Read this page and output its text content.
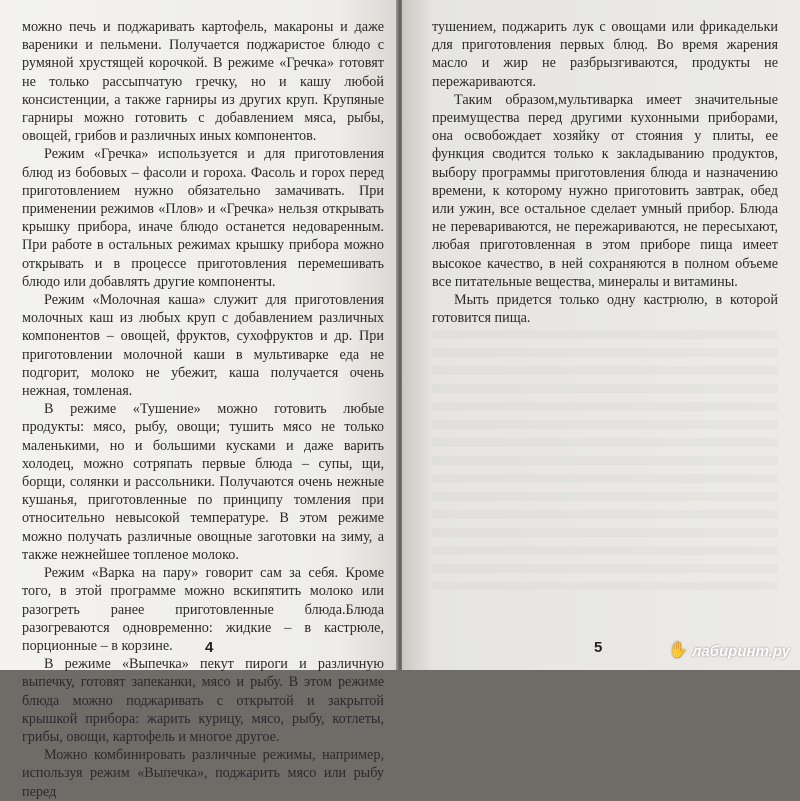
можно печь и поджаривать картофель, макароны и даже вареники и пельмени. Получается поджаристое блюдо с румяной хрустящей корочкой. В режиме «Гречка» готовят не только рассыпчатую гречку, но и кашу любой консистенции, а также гарниры из других круп. Крупяные гарниры можно готовить с добавлением мяса, рыбы, овощей, грибов и различных иных компонентов.

Режим «Гречка» используется и для приготовления блюд из бобовых – фасоли и гороха. Фасоль и горох перед приготовлением нужно обязательно замачивать. При применении режимов «Плов» и «Гречка» нельзя открывать крышку прибора, иначе блюдо останется недоваренным. При работе в остальных режимах крышку прибора можно открывать и в процессе приготовления перемешивать блюдо или добавлять другие компоненты.

Режим «Молочная каша» служит для приготовления молочных каш из любых круп с добавлением различных компонентов – овощей, фруктов, сухофруктов и др. При приготовлении молочной каши в мультиварке еда не подгорит, молоко не убежит, каша получается очень нежная, томленая.

В режиме «Тушение» можно готовить любые продукты: мясо, рыбу, овощи; тушить мясо не только маленькими, но и большими кусками и даже варить холодец, можно сотряпать первые блюда – супы, щи, борщи, солянки и рассольники. Получаются очень нежные кушанья, приготовленные по принципу томления при относительно невысокой температуре. В этом режиме можно получать различные овощные заготовки на зиму, а также нежнейшее топленое молоко.

Режим «Варка на пару» говорит сам за себя. Кроме того, в этой программе можно вскипятить молоко или разогреть ранее приготовленные блюда.Блюда разогреваются одновременно: жидкие – в кастрюле, порционные – в корзине.

В режиме «Выпечка» пекут пироги и различную выпечку, готовят запеканки, мясо и рыбу. В этом режиме блюда можно поджаривать с открытой и закрытой крышкой прибора: жарить курицу, мясо, рыбу, котлеты, грибы, овощи, картофель и многое другое.

Можно комбинировать различные режимы, например, используя режим «Выпечка», поджарить мясо или рыбу перед

4

тушением, поджарить лук с овощами или фрикадельки для приготовления первых блюд. Во время жарения масло и жир не разбрызгиваются, продукты не пережариваются.

Таким образом,мультиварка имеет значительные преимущества перед другими кухонными приборами, она освобождает хозяйку от стояния у плиты, ее функция сводится только к закладыванию продуктов, выбору программы приготовления блюда и назначению времени, к которому нужно приготовить завтрак, обед или ужин, все остальное сделает умный прибор. Блюда не перевариваются, не пережариваются, не пересыхают, любая приготовленная в этом приборе пища имеет высокое качество, в ней сохраняются в полном объеме все питательные вещества, минералы и витамины.

Мыть придется только одну кастрюлю, в которой готовится пища.

5	✋ лабиринт.ру
